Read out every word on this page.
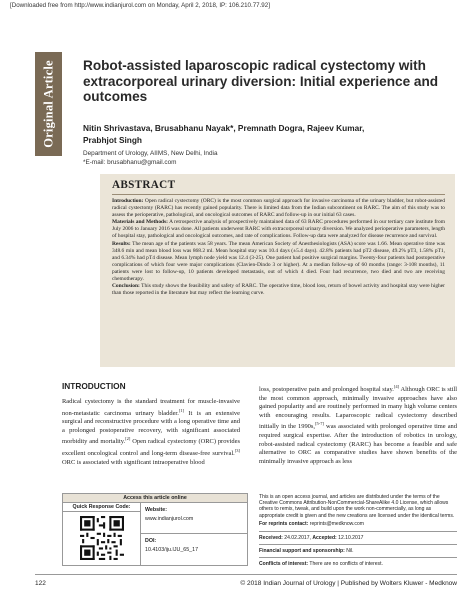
[Downloaded free from http://www.indianjurol.com on Monday, April 2, 2018, IP: 106.210.77.92]
Original Article Robot-assisted laparoscopic radical cystectomy with extracorporeal urinary diversion: Initial experience and outcomes
Nitin Shrivastava, Brusabhanu Nayak*, Premnath Dogra, Rajeev Kumar,
Prabhjot Singh
Department of Urology, AIIMS, New Delhi, India
*E-mail: brusabhanu@gmail.com
ABSTRACT
Introduction: Open radical cystectomy (ORC) is the most common surgical approach for invasive carcinoma of the urinary bladder, but robot-assisted radical cystectomy (RARC) has recently gained popularity. There is limited data from the Indian subcontinent on RARC. The aim of this study was to assess the perioperative, pathological, and oncological outcomes of RARC and follow-up in our initial 63 cases.
Materials and Methods: A retrospective analysis of prospectively maintained data of 63 RARC procedures performed in our tertiary care institute from July 2006 to January 2016 was done. All patients underwent RARC with extracorporeal urinary diversion. We analyzed perioperative parameters, length of hospital stay, pathological and oncological outcomes, and rate of complications. Follow-up data were analyzed for disease recurrence and survival.
Results: The mean age of the patients was 58 years. The mean American Society of Anesthesiologists (ASA) score was 1.66. Mean operative time was 348.6 min and mean blood loss was 868.2 ml. Mean hospital stay was 10.4 days (±5.4 days). 42.8% patients had pT2 disease, 49.2% pT3, 1.58% pT1, and 6.34% had pT4 disease. Mean lymph node yield was 12.4 (3-25). One patient had positive surgical margins. Twenty-four patients had postoperative complications of which four were major complications (Clavien-Dindo 3 or higher). At a median follow-up of 60 months (range: 3-108 months), 11 patients were lost to follow-up, 10 patients developed metastasis, out of which 4 died. Four had recurrence, two died and two are receiving chemotherapy.
Conclusion: This study shows the feasibility and safety of RARC. The operative time, blood loss, return of bowel activity and hospital stay were higher than those reported in the literature but may reflect the learning curve.
INTRODUCTION
Radical cystectomy is the standard treatment for muscle-invasive non-metastatic carcinoma urinary bladder.[1] It is an extensive surgical and reconstructive procedure with a long operative time and a prolonged postoperative recovery, with significant associated morbidity and mortality.[2] Open radical cystectomy (ORC) provides excellent oncological control and long-term disease-free survival.[3] ORC is associated with significant intraoperative blood
loss, postoperative pain and prolonged hospital stay.[4] Although ORC is still the most common approach, minimally invasive approaches have also gained popularity and are routinely performed in many high volume centers with encouraging results. Laparoscopic radical cystectomy described initially in the 1990s,[5-7] was associated with prolonged operative time and required surgical expertise. After the introduction of robotics in urology, robot-assisted radical cystectomy (RARC) has become a feasible and safe alternative to ORC as comparative studies have shown benefits of the minimally invasive approach as less
Access this article online
Quick Response Code:	Website:
www.indianjurol.com
DOI:
10.4103/iju.IJU_65_17

This is an open access journal, and articles are distributed under the terms of the Creative Commons Attribution-NonCommercial-ShareAlike 4.0 License, which allows others to remix, tweak, and build upon the work non-commercially, as long as appropriate credit is given and the new creations are licensed under the identical terms.

For reprints contact: reprints@medknow.com

Received: 24.02.2017, Accepted: 12.10.2017

Financial support and sponsorship: Nil.

Conflicts of interest: There are no conflicts of interest.

122	© 2018 Indian Journal of Urology | Published by Wolters Kluwer - Medknow
